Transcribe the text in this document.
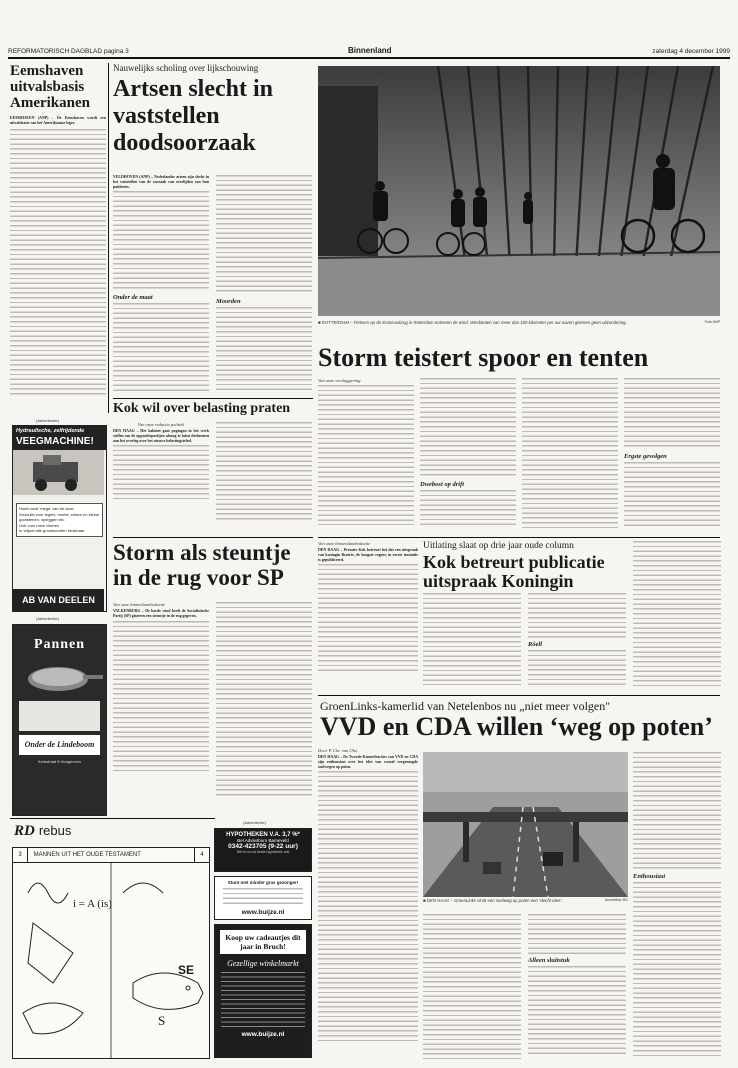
REFORMATORISCH DAGBLAD pagina 3	Binnenland	zaterdag 4 december 1999
Eemshaven uitvalsbasis Amerikanen
EEMSHAVEN (ANP) – De Eemshaven wordt een uitvalsbasis van het Amerikaanse leger.
Nauwelijks scholing over lijkschouwing
Artsen slecht in vaststellen doodsoorzaak
VELDHOVEN (ANP) – Nederlandse artsen zijn slecht in het vaststellen van de oorzaak van overlijden van hun patiënten.
Onder de maat
Moorden
■ ROTTERDAM – Fietsers op de Erasmusbrug in Rotterdam trotseren de wind. Windstoten van meer dan 100 kilometer per uur waren gisteren geen uitzondering.	Foto ANP
Storm teistert spoor en tenten
Van onze verslaggeving
Dwebost op drift
Ergste gevolgen
Kok wil over belasting praten
Van onze redactie politiek
DEN HAAG – Het kabinet gaat pogingen in het werk stellen om de oppositiepartijen alsnog te laten deelnemen aan het overleg over het nieuwe belastingstelsel.
(Advertentie)
Hydraulische, zelfrijdende
VEEGMACHINE!
Hoeft nooit 'mega' van de vloer
Geschikt voor tegels, mortel, rotsen en kleine
gootstenen, opleggen etc.
Ook voor ruwe vloeren
In vrijwel alle grondsoorten bruikbaar
AB VAN DEELEN
(Advertentie)
Pannen
Onder de Lindeboom
Kerkstraat 8 Hoogeveen
Storm als steuntje in de rug voor SP
Van onze binnenlandredactie
VALKENBURG – De harde wind heeft de Socialistische Partij (SP) gisteren een steuntje in de rug gegeven.
Van onze binnenlandredactie
DEN HAAG – Premier Kok betreurt het dat een uitspraak van koningin Beatrix, de hoogste regent, in eerste instantie is gepubliceerd.
Uitlating slaat op drie jaar oude column
Kok betreurt publicatie uitspraak Koningin
Rôell
GroenLinks-kamerlid van Netelenbos nu „niet meer volgen"
VVD en CDA willen ‘weg op poten’
Door P. Chr. van Olst
DEN HAAG – De Tweede-Kamerfracties van VVD en CDA zijn enthousiast over het idee van vooraf vergenoegde snelwegen op poten.
■ DEN HAAG – GroenLinks vindt een snelweg op poten een 'slecht idee'.	Archieffoto RD
Alleen sluitstuk
Enthousiast
RD rebus
3 MANNEN UIT HET OUDE TESTAMENT	4
i = A (is)
SE
S
(Advertentie)
HYPOTHEKEN V.A. 3,7 %*
Bel Adviesburo Barneveld
0342-423705 (9-22 uur)
Het is nu uw beste hypotheek ooit
Stunt met minder gras gezonger!
www.buijze.nl
Koop uw cadeautjes dit jaar in Bruch!
Gezellige winkelmarkt
www.buijze.nl
